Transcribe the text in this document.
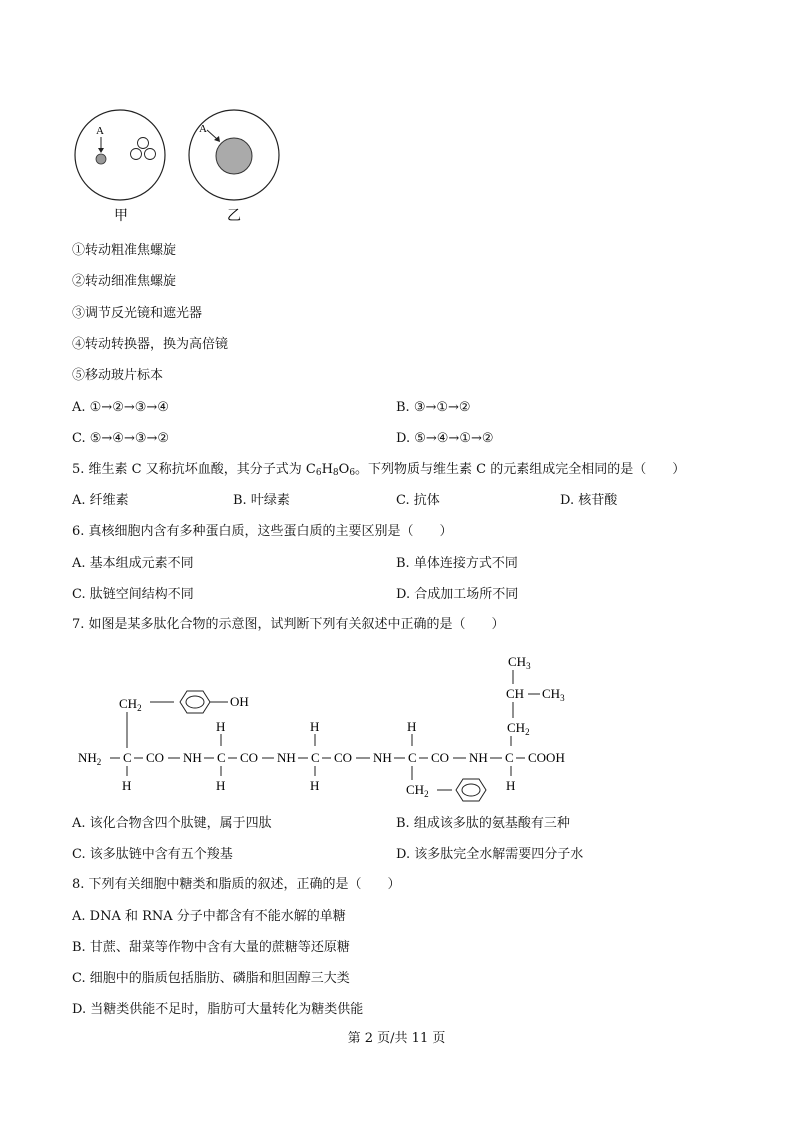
A	A
甲	乙
①转动粗准焦螺旋
②转动细准焦螺旋
③调节反光镜和遮光器
④转动转换器，换为高倍镜
⑤移动玻片标本
A. ①→②→③→④	B. ③→①→②
C. ⑤→④→③→②	D. ⑤→④→①→②
5. 维生素 C 又称抗坏血酸，其分子式为 $C_6H_8O_6$。下列物质与维生素 C 的元素组成完全相同的是（　　）
A. 纤维素	B. 叶绿素	C. 抗体	D. 核苷酸
6. 真核细胞内含有多种蛋白质，这些蛋白质的主要区别是（　　）
A. 基本组成元素不同	B. 单体连接方式不同
C. 肽链空间结构不同	D. 合成加工场所不同
7. 如图是某多肽化合物的示意图，试判断下列有关叙述中正确的是（　　）
$NH_2$ C CO NH C CO NH C CO NH C CO NH C COOH
$CH_2$	OH
H
H
H
H
H
H
$CH_2$
$CH_3$
CH $CH_3$
$CH_2$
H
A. 该化合物含四个肽键，属于四肽	B. 组成该多肽的氨基酸有三种
C. 该多肽链中含有五个羧基	D. 该多肽完全水解需要四分子水
8. 下列有关细胞中糖类和脂质的叙述，正确的是（　　）
A. DNA 和 RNA 分子中都含有不能水解的单糖
B. 甘蔗、甜菜等作物中含有大量的蔗糖等还原糖
C. 细胞中的脂质包括脂肪、磷脂和胆固醇三大类
D. 当糖类供能不足时，脂肪可大量转化为糖类供能
第 2 页/共 11 页
